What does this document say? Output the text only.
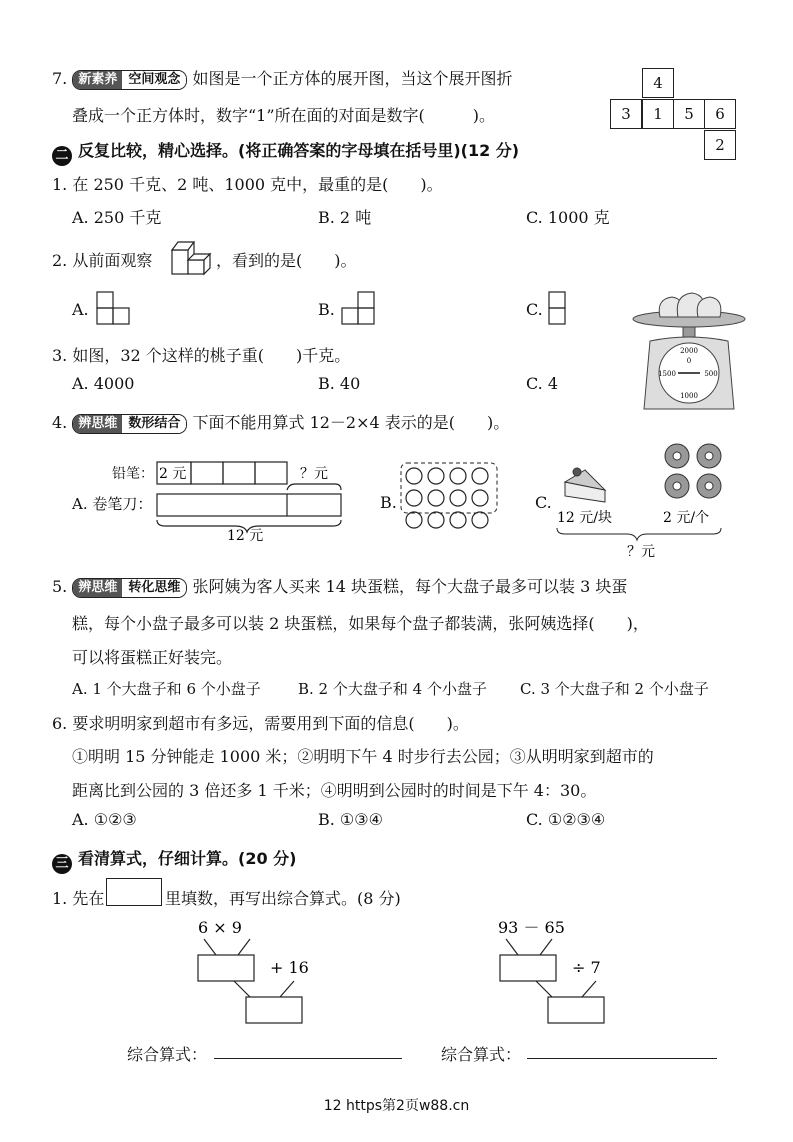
7. 新素养 空间观念 如图是一个正方体的展开图，当这个展开图折
叠成一个正方体时，数字“1”所在面的对面是数字(　　　)。
4
3	1	5	6
2
二 反复比较，精心选择。(将正确答案的字母填在括号里)(12 分)
1. 在 250 千克、2 吨、1000 克中，最重的是(　　)。
A. 250 千克	B. 2 吨	C. 1000 克
2. 从前面观察	，看到的是(　　)。
A.	B.	C.
2000
0
1500	500
1000
3. 如图，32 个这样的桃子重(　　)千克。
A. 4000	B. 40	C. 4
4. 辨思维 数形结合 下面不能用算式 12－2×4 表示的是(　　)。
铅笔： 2 元	？元
12 元
A. 卷笔刀：	B.	C.
12 元/块	2 元/个
？元
5. 辨思维 转化思维 张阿姨为客人买来 14 块蛋糕，每个大盘子最多可以装 3 块蛋
糕，每个小盘子最多可以装 2 块蛋糕，如果每个盘子都装满，张阿姨选择(　　)，
可以将蛋糕正好装完。
A. 1 个大盘子和 6 个小盘子 B. 2 个大盘子和 4 个小盘子 C. 3 个大盘子和 2 个小盘子
6. 要求明明家到超市有多远，需要用到下面的信息(　　)。
①明明 15 分钟能走 1000 米；②明明下午 4 时步行去公园；③从明明家到超市的
距离比到公园的 3 倍还多 1 千米；④明明到公园时的时间是下午 4：30。
A. ①②③	B. ①③④	C. ①②③④
三 看清算式，仔细计算。(20 分)
1. 先在	里填数，再写出综合算式。(8 分)
6 × 9
+ 16
93 － 65
÷ 7
综合算式：	综合算式：
12 https第2页w88.cn
